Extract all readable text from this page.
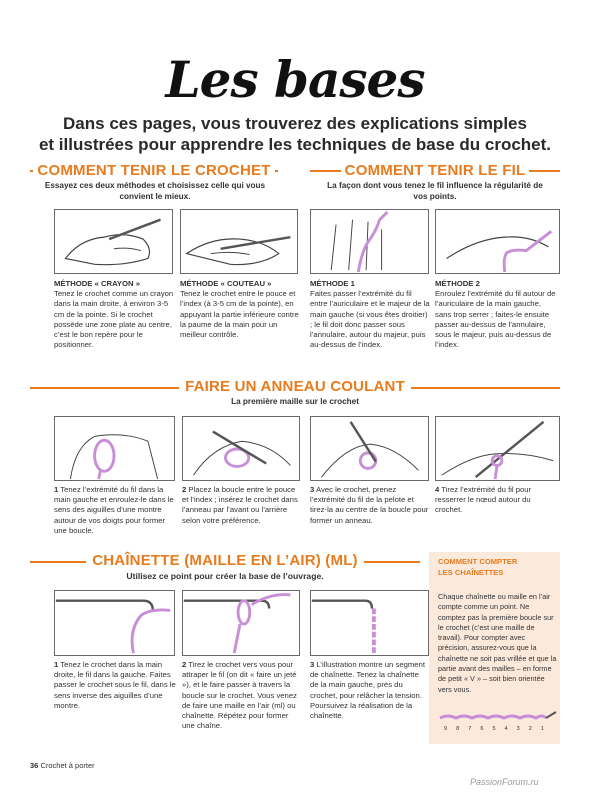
Les bases
Dans ces pages, vous trouverez des explications simples
et illustrées pour apprendre les techniques de base du crochet.
COMMENT TENIR LE CROCHET
Essayez ces deux méthodes et choisissez celle qui vous
convient le mieux.
MÉTHODE « CRAYON »
Tenez le crochet comme un crayon dans la main droite, à environ 3-5 cm de la pointe. Si le crochet possède une zone plate au centre, c’est le bon repère pour le positionner.
MÉTHODE « COUTEAU »
Tenez le crochet entre le pouce et l’index (à 3-5 cm de la pointe), en appuyant la partie inférieure contre la paume de la main pour un meilleur contrôle.
COMMENT TENIR LE FIL
La façon dont vous tenez le fil influence la régularité de
vos points.
MÉTHODE 1
Faites passer l’extrémité du fil entre l’auriculaire et le majeur de la main gauche (si vous êtes droitier) ; le fil doit donc passer sous l’annulaire, autour du majeur, puis au-dessus de l’index.
MÉTHODE 2
Enroulez l’extrémité du fil autour de l’auriculaire de la main gauche, sans trop serrer ; faites-le ensuite passer au-dessus de l’annulaire, sous le majeur, puis au-dessus de l’index.
FAIRE UN ANNEAU COULANT
La première maille sur le crochet
1 Tenez l’extrémité du fil dans la main gauche et enroulez-le dans le sens des aiguilles d’une montre autour de vos doigts pour former une boucle.
2 Placez la boucle entre le pouce et l’index ; insérez le crochet dans l’anneau par l’avant ou l’arrière selon votre préférence.
3 Avec le crochet, prenez l’extrémité du fil de la pelote et tirez-la au centre de la boucle pour former un anneau.
4 Tirez l’extrémité du fil pour resserrer le nœud autour du crochet.
CHAÎNETTE (MAILLE EN L’AIR) (ML)
Utilisez ce point pour créer la base de l’ouvrage.
1 Tenez le crochet dans la main droite, le fil dans la gauche. Faites passer le crochet sous le fil, dans le sens inverse des aiguilles d’une montre.
2 Tirez le crochet vers vous pour attraper le fil (on dit « faire un jeté »), et le faire passer à travers la boucle sur le crochet. Vous venez de faire une maille en l’air (ml) ou chaînette. Répétez pour former une chaîne.
3 L’illustration montre un segment de chaînette. Tenez la chaînette de la main gauche, près du crochet, pour relâcher la tension. Poursuivez la réalisation de la chaînette.
COMMENT COMPTER
LES CHAÎNETTES
Chaque chaînette ou maille en l’air compte comme un point. Ne comptez pas la première boucle sur le crochet (c’est une maille de travail). Pour compter avec précision, assurez-vous que la chaînette ne soit pas vrillée et que la partie avant des mailles – en forme de petit « V » – soit bien orientée vers vous.
9 8 7 6 5 4 3 2 1
36 Crochet à porter
PassionForum.ru
